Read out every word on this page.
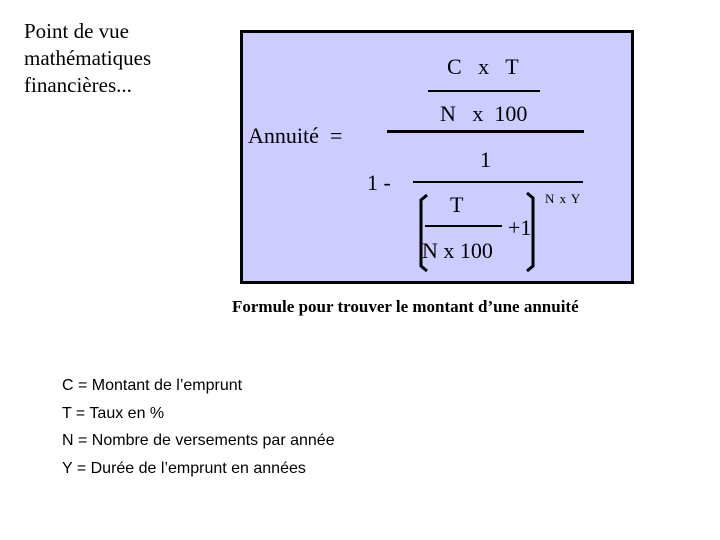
Point de vue
mathématiques
financières...
C   x   T
N   x  100
Annuité  =
1
1 -
T	N x Y
+1
N x 100
Formule pour trouver le montant d’une annuité
C = Montant de l’emprunt
T = Taux en %
N = Nombre de versements par année
Y = Durée de l’emprunt en années
